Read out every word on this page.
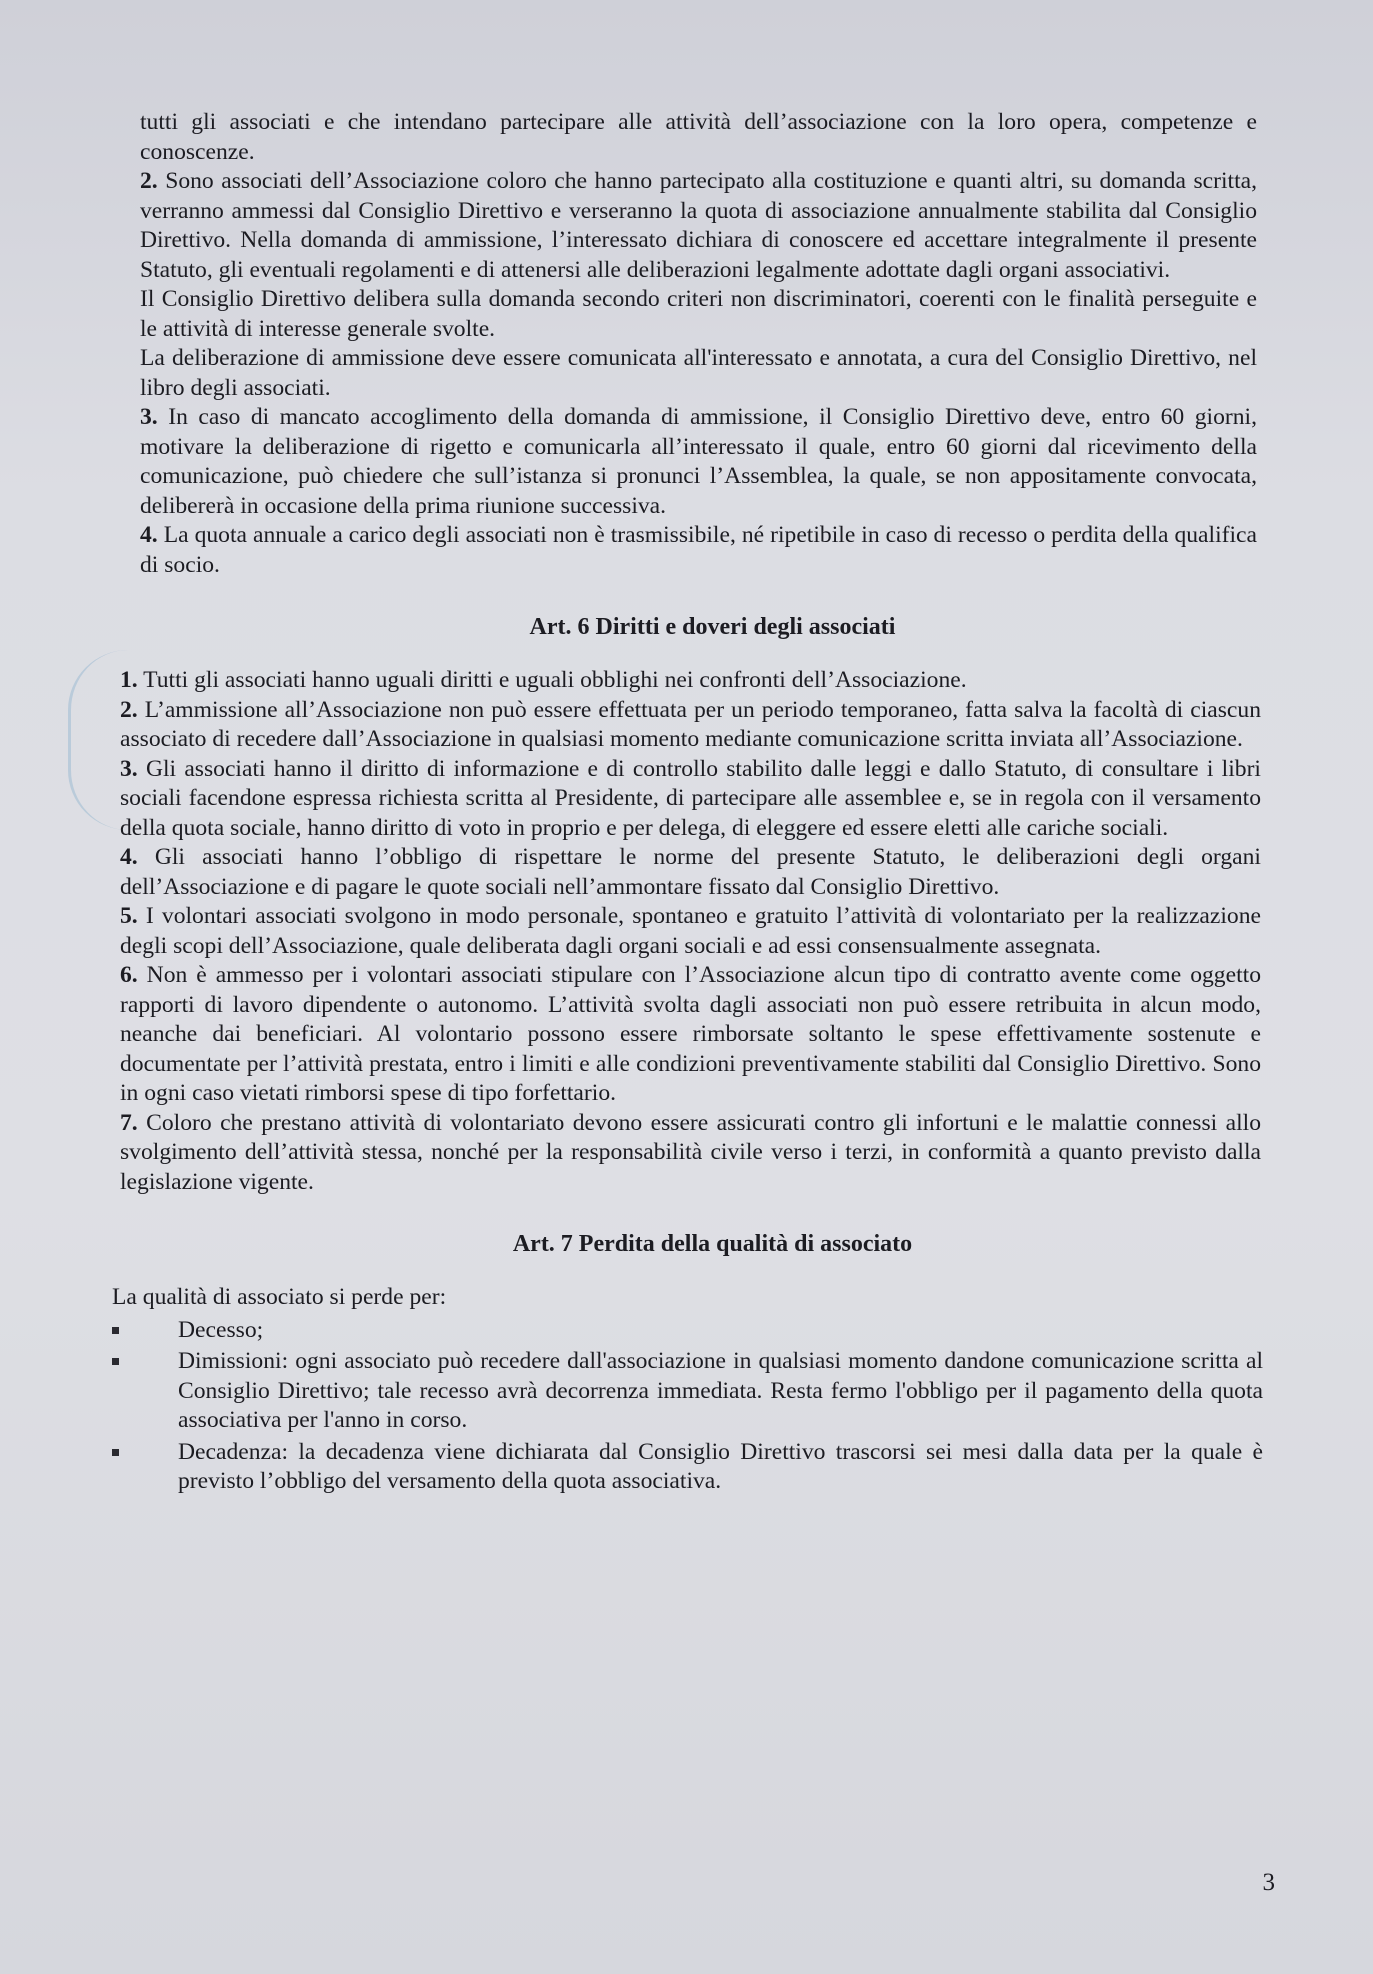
tutti gli associati e che intendano partecipare alle attività dell’associazione con la loro opera, competenze e conoscenze.

2. Sono associati dell’Associazione coloro che hanno partecipato alla costituzione e quanti altri, su domanda scritta, verranno ammessi dal Consiglio Direttivo e verseranno la quota di associazione annualmente stabilita dal Consiglio Direttivo. Nella domanda di ammissione, l’interessato dichiara di conoscere ed accettare integralmente il presente Statuto, gli eventuali regolamenti e di attenersi alle deliberazioni legalmente adottate dagli organi associativi.

Il Consiglio Direttivo delibera sulla domanda secondo criteri non discriminatori, coerenti con le finalità perseguite e le attività di interesse generale svolte.

La deliberazione di ammissione deve essere comunicata all'interessato e annotata, a cura del Consiglio Direttivo, nel libro degli associati.

3. In caso di mancato accoglimento della domanda di ammissione, il Consiglio Direttivo deve, entro 60 giorni, motivare la deliberazione di rigetto e comunicarla all’interessato il quale, entro 60 giorni dal ricevimento della comunicazione, può chiedere che sull’istanza si pronunci l’Assemblea, la quale, se non appositamente convocata, delibererà in occasione della prima riunione successiva.

4. La quota annuale a carico degli associati non è trasmissibile, né ripetibile in caso di recesso o perdita della qualifica di socio.

Art. 6 Diritti e doveri degli associati

1. Tutti gli associati hanno uguali diritti e uguali obblighi nei confronti dell’Associazione.

2. L’ammissione all’Associazione non può essere effettuata per un periodo temporaneo, fatta salva la facoltà di ciascun associato di recedere dall’Associazione in qualsiasi momento mediante comunicazione scritta inviata all’Associazione.

3. Gli associati hanno il diritto di informazione e di controllo stabilito dalle leggi e dallo Statuto, di consultare i libri sociali facendone espressa richiesta scritta al Presidente, di partecipare alle assemblee e, se in regola con il versamento della quota sociale, hanno diritto di voto in proprio e per delega, di eleggere ed essere eletti alle cariche sociali.

4. Gli associati hanno l’obbligo di rispettare le norme del presente Statuto, le deliberazioni degli organi dell’Associazione e di pagare le quote sociali nell’ammontare fissato dal Consiglio Direttivo.

5. I volontari associati svolgono in modo personale, spontaneo e gratuito l’attività di volontariato per la realizzazione degli scopi dell’Associazione, quale deliberata dagli organi sociali e ad essi consensualmente assegnata.

6. Non è ammesso per i volontari associati stipulare con l’Associazione alcun tipo di contratto avente come oggetto rapporti di lavoro dipendente o autonomo. L’attività svolta dagli associati non può essere retribuita in alcun modo, neanche dai beneficiari. Al volontario possono essere rimborsate soltanto le spese effettivamente sostenute e documentate per l’attività prestata, entro i limiti e alle condizioni preventivamente stabiliti dal Consiglio Direttivo. Sono in ogni caso vietati rimborsi spese di tipo forfettario.

7. Coloro che prestano attività di volontariato devono essere assicurati contro gli infortuni e le malattie connessi allo svolgimento dell’attività stessa, nonché per la responsabilità civile verso i terzi, in conformità a quanto previsto dalla legislazione vigente.

Art. 7 Perdita della qualità di associato

La qualità di associato si perde per:

Decesso;
Dimissioni: ogni associato può recedere dall'associazione in qualsiasi momento dandone comunicazione scritta al Consiglio Direttivo; tale recesso avrà decorrenza immediata. Resta fermo l'obbligo per il pagamento della quota associativa per l'anno in corso.
Decadenza: la decadenza viene dichiarata dal Consiglio Direttivo trascorsi sei mesi dalla data per la quale è previsto l’obbligo del versamento della quota associativa.
3
